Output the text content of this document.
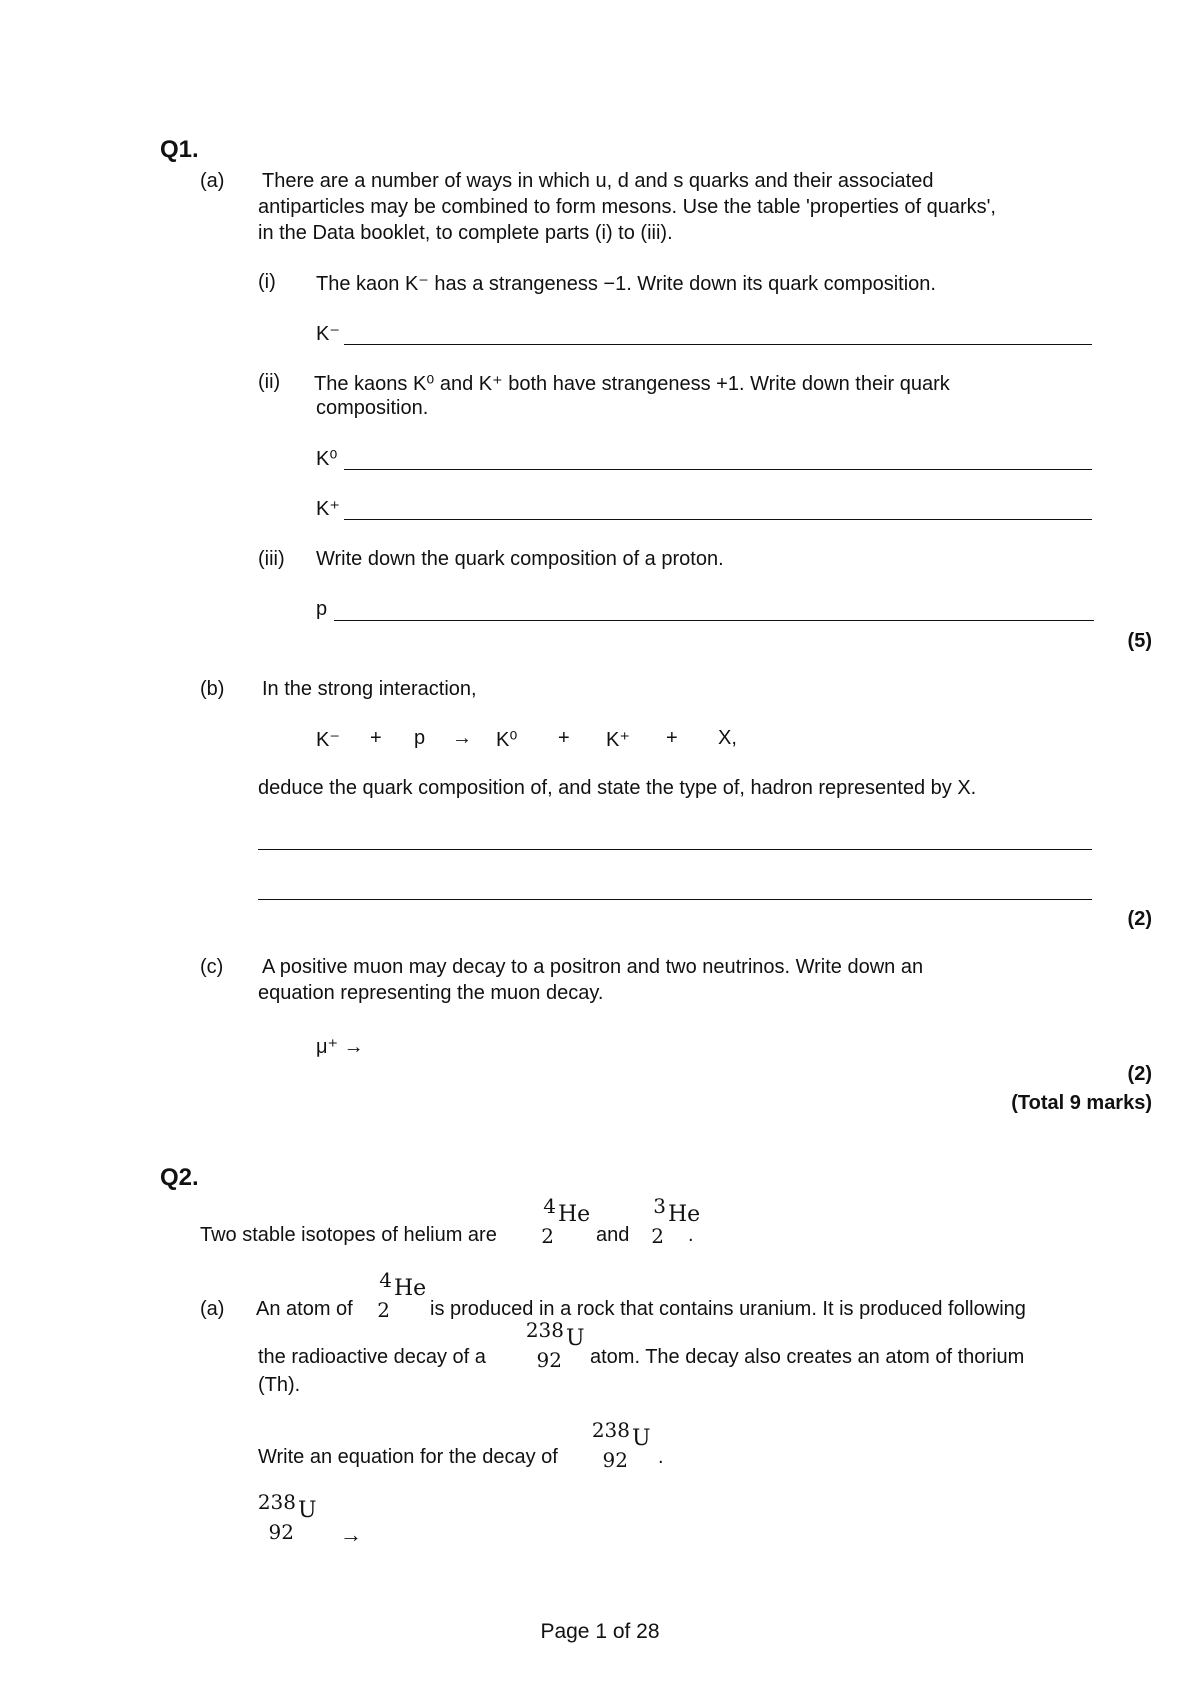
Q1.
(a) There are a number of ways in which u, d and s quarks and their associated
antiparticles may be combined to form mesons. Use the table 'properties of quarks',
in the Data booklet, to complete parts (i) to (iii).
(i) The kaon K⁻ has a strangeness −1. Write down its quark composition.
K⁻
(ii) The kaons K⁰ and K⁺ both have strangeness +1. Write down their quark
composition.
K⁰
K⁺
(iii) Write down the quark composition of a proton.
p
(5)
(b) In the strong interaction,
K⁻ + p → K⁰ + K⁺ + X,
deduce the quark composition of, and state the type of, hadron represented by X.
(2)
(c) A positive muon may decay to a positron and two neutrinos. Write down an
equation representing the muon decay.
μ⁺ →
(2)
(Total 9 marks)
Q2.
Two stable isotopes of helium are
4
2
He
and
3
2
He
.
(a) An atom of
4
2
He
is produced in a rock that contains uranium. It is produced following
the radioactive decay of a
238
92
U
atom. The decay also creates an atom of thorium
(Th).
Write an equation for the decay of
238
92
U
.
238
92
U
→
Page 1 of 28
